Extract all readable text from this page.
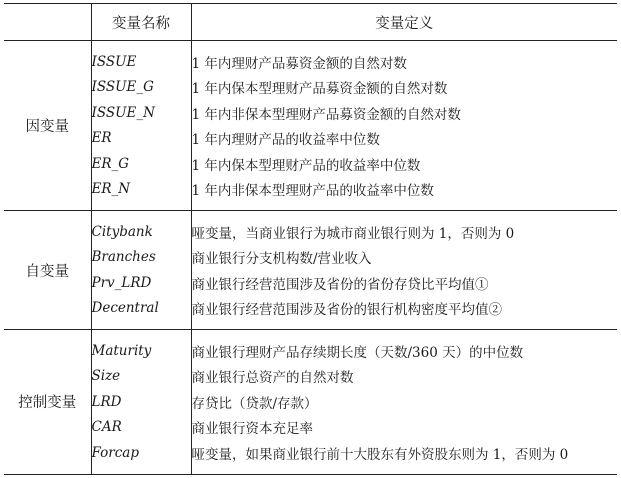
	变量名称	变量定义
因变量	ISSUE	1 年内理财产品募资金额的自然对数
	ISSUE_G	1 年内保本型理财产品募资金额的自然对数
	ISSUE_N	1 年内非保本型理财产品募资金额的自然对数
	ER	1 年内理财产品的收益率中位数
	ER_G	1 年内保本型理财产品的收益率中位数
	ER_N	1 年内非保本型理财产品的收益率中位数
自变量	Citybank	哑变量，当商业银行为城市商业银行则为 1，否则为 0
	Branches	商业银行分支机构数/营业收入
	Prv_LRD	商业银行经营范围涉及省份的省份存贷比平均值①
	Decentral	商业银行经营范围涉及省份的银行机构密度平均值②
控制变量	Maturity	商业银行理财产品存续期长度（天数/360 天）的中位数
	Size	商业银行总资产的自然对数
	LRD	存贷比（贷款/存款）
	CAR	商业银行资本充足率
	Forcap	哑变量，如果商业银行前十大股东有外资股东则为 1，否则为 0
